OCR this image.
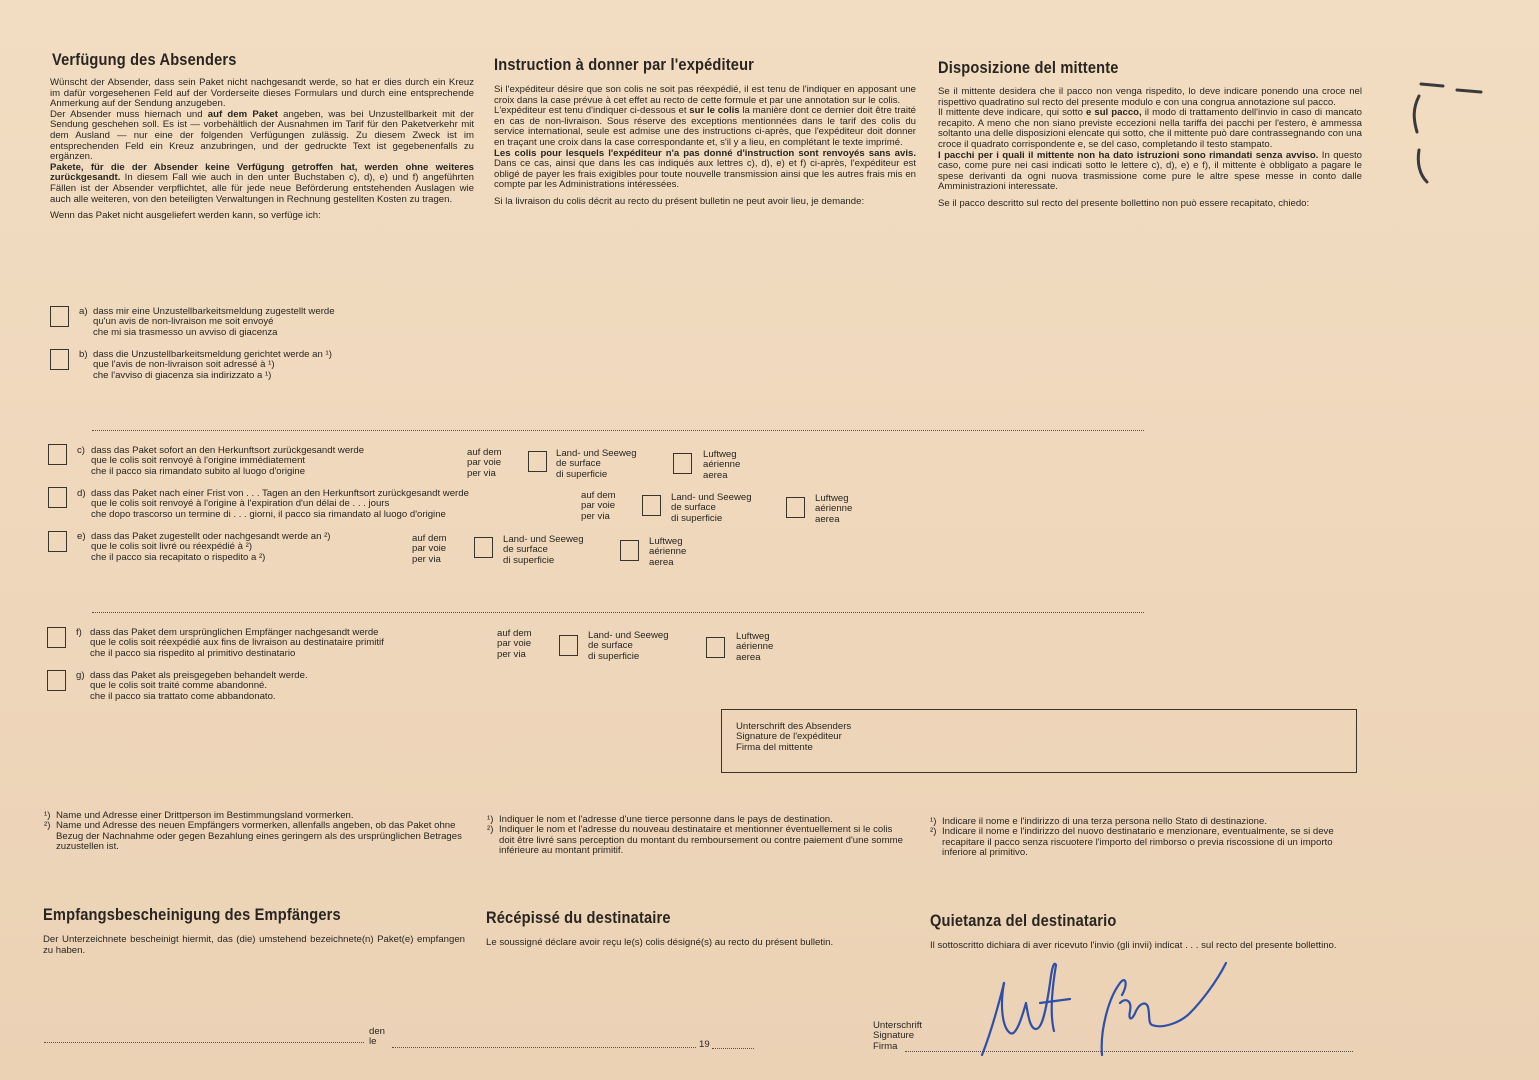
Verfügung des Absenders	Instruction à donner par l'expéditeur	Disposizione del mittente

Wünscht der Absender, dass sein Paket nicht nachgesandt werde, so hat er dies durch ein Kreuz im dafür vorgesehenen Feld auf der Vorderseite dieses Formulars und durch eine entsprechende Anmerkung auf der Sendung anzugeben.
Der Absender muss hiernach und auf dem Paket angeben, was bei Unzustellbarkeit mit der Sendung geschehen soll. Es ist — vorbehältlich der Ausnahmen im Tarif für den Paketverkehr mit dem Ausland — nur eine der folgenden Verfügungen zulässig. Zu diesem Zweck ist im entsprechenden Feld ein Kreuz anzubringen, und der gedruckte Text ist gegebenenfalls zu ergänzen.
Pakete, für die der Absender keine Verfügung getroffen hat, werden ohne weiteres zurückgesandt. In diesem Fall wie auch in den unter Buchstaben c), d), e) und f) angeführten Fällen ist der Absender verpflichtet, alle für jede neue Beförderung entstehenden Auslagen wie auch alle weiteren, von den beteiligten Verwaltungen in Rechnung gestellten Kosten zu tragen.

Wenn das Paket nicht ausgeliefert werden kann, so verfüge ich:

Si l'expéditeur désire que son colis ne soit pas réexpédié, il est tenu de l'indiquer en apposant une croix dans la case prévue à cet effet au recto de cette formule et par une annotation sur le colis.
L'expéditeur est tenu d'indiquer ci-dessous et sur le colis la manière dont ce dernier doit être traité en cas de non-livraison. Sous réserve des exceptions mentionnées dans le tarif des colis du service international, seule est admise une des instructions ci-après, que l'expéditeur doit donner en traçant une croix dans la case correspondante et, s'il y a lieu, en complétant le texte imprimé.
Les colis pour lesquels l'expéditeur n'a pas donné d'instruction sont renvoyés sans avis. Dans ce cas, ainsi que dans les cas indiqués aux lettres c), d), e) et f) ci-après, l'expéditeur est obligé de payer les frais exigibles pour toute nouvelle transmission ainsi que les autres frais mis en compte par les Administrations intéressées.

Si la livraison du colis décrit au recto du présent bulletin ne peut avoir lieu, je demande:

Se il mittente desidera che il pacco non venga rispedito, lo deve indicare ponendo una croce nel rispettivo quadratino sul recto del presente modulo e con una congrua annotazione sul pacco.
Il mittente deve indicare, qui sotto e sul pacco, il modo di trattamento dell'invio in caso di mancato recapito. A meno che non siano previste eccezioni nella tariffa dei pacchi per l'estero, è ammessa soltanto una delle disposizioni elencate qui sotto, che il mittente può dare contrassegnando con una croce il quadrato corrispondente e, se del caso, completando il testo stampato.
I pacchi per i quali il mittente non ha dato istruzioni sono rimandati senza avviso. In questo caso, come pure nei casi indicati sotto le lettere c), d), e) e f), il mittente è obbligato a pagare le spese derivanti da ogni nuova trasmissione come pure le altre spese messe in conto dalle Amministrazioni interessate.

Se il pacco descritto sul recto del presente bollettino non può essere recapitato, chiedo:

a) dass mir eine Unzustellbarkeitsmeldung zugestellt werde
qu'un avis de non-livraison me soit envoyé
che mi sia trasmesso un avviso di giacenza
b) dass die Unzustellbarkeitsmeldung gerichtet werde an ¹)
que l'avis de non-livraison soit adressé à ¹)
che l'avviso di giacenza sia indirizzato a ¹)
c) dass das Paket sofort an den Herkunftsort zurückgesandt werde
que le colis soit renvoyé à l'origine immédiatement
che il pacco sia rimandato subito al luogo d'origine
auf dem
par voie
per via
Land- und Seeweg
de surface
di superficie
Luftweg
aérienne
aerea
d) dass das Paket nach einer Frist von . . . Tagen an den Herkunftsort zurückgesandt werde
que le colis soit renvoyé à l'origine à l'expiration d'un délai de . . . jours
che dopo trascorso un termine di . . . giorni, il pacco sia rimandato al luogo d'origine
auf dem
par voie
per via
Land- und Seeweg
de surface
di superficie
Luftweg
aérienne
aerea
e) dass das Paket zugestellt oder nachgesandt werde an ²)
que le colis soit livré ou réexpédié à ²)
che il pacco sia recapitato o rispedito a ²)
auf dem
par voie
per via
Land- und Seeweg
de surface
di superficie
Luftweg
aérienne
aerea
f) dass das Paket dem ursprünglichen Empfänger nachgesandt werde
que le colis soit réexpédié aux fins de livraison au destinataire primitif
che il pacco sia rispedito al primitivo destinatario
auf dem
par voie
per via
Land- und Seeweg
de surface
di superficie
Luftweg
aérienne
aerea
g) dass das Paket als preisgegeben behandelt werde.
que le colis soit traité comme abandonné.
che il pacco sia trattato come abbandonato.
Unterschrift des Absenders
Signature de l'expéditeur
Firma del mittente
¹) Name und Adresse einer Drittperson im Bestimmungsland vormerken.
²) Name und Adresse des neuen Empfängers vormerken, allenfalls angeben, ob das Paket ohne Bezug der Nachnahme oder gegen Bezahlung eines geringern als des ursprünglichen Betrages zuzustellen ist.
¹) Indiquer le nom et l'adresse d'une tierce personne dans le pays de destination.
²) Indiquer le nom et l'adresse du nouveau destinataire et mentionner éventuellement si le colis doit être livré sans perception du montant du remboursement ou contre paiement d'une somme inférieure au montant primitif.
¹) Indicare il nome e l'indirizzo di una terza persona nello Stato di destinazione.
²) Indicare il nome e l'indirizzo del nuovo destinatario e menzionare, eventualmente, se si deve recapitare il pacco senza riscuotere l'importo del rimborso o previa riscossione di un importo inferiore al primitivo.
Empfangsbescheinigung des Empfängers	Récépissé du destinataire	Quietanza del destinatario
Der Unterzeichnete bescheinigt hiermit, das (die) umstehend bezeichnete(n) Paket(e) empfangen zu haben.
Le soussigné déclare avoir reçu le(s) colis désigné(s) au recto du présent bulletin.	Il sottoscritto dichiara di aver ricevuto l'invio (gli invii) indicat . . . sul recto del presente bollettino.
den
le	19
Unterschrift
Signature
Firma
